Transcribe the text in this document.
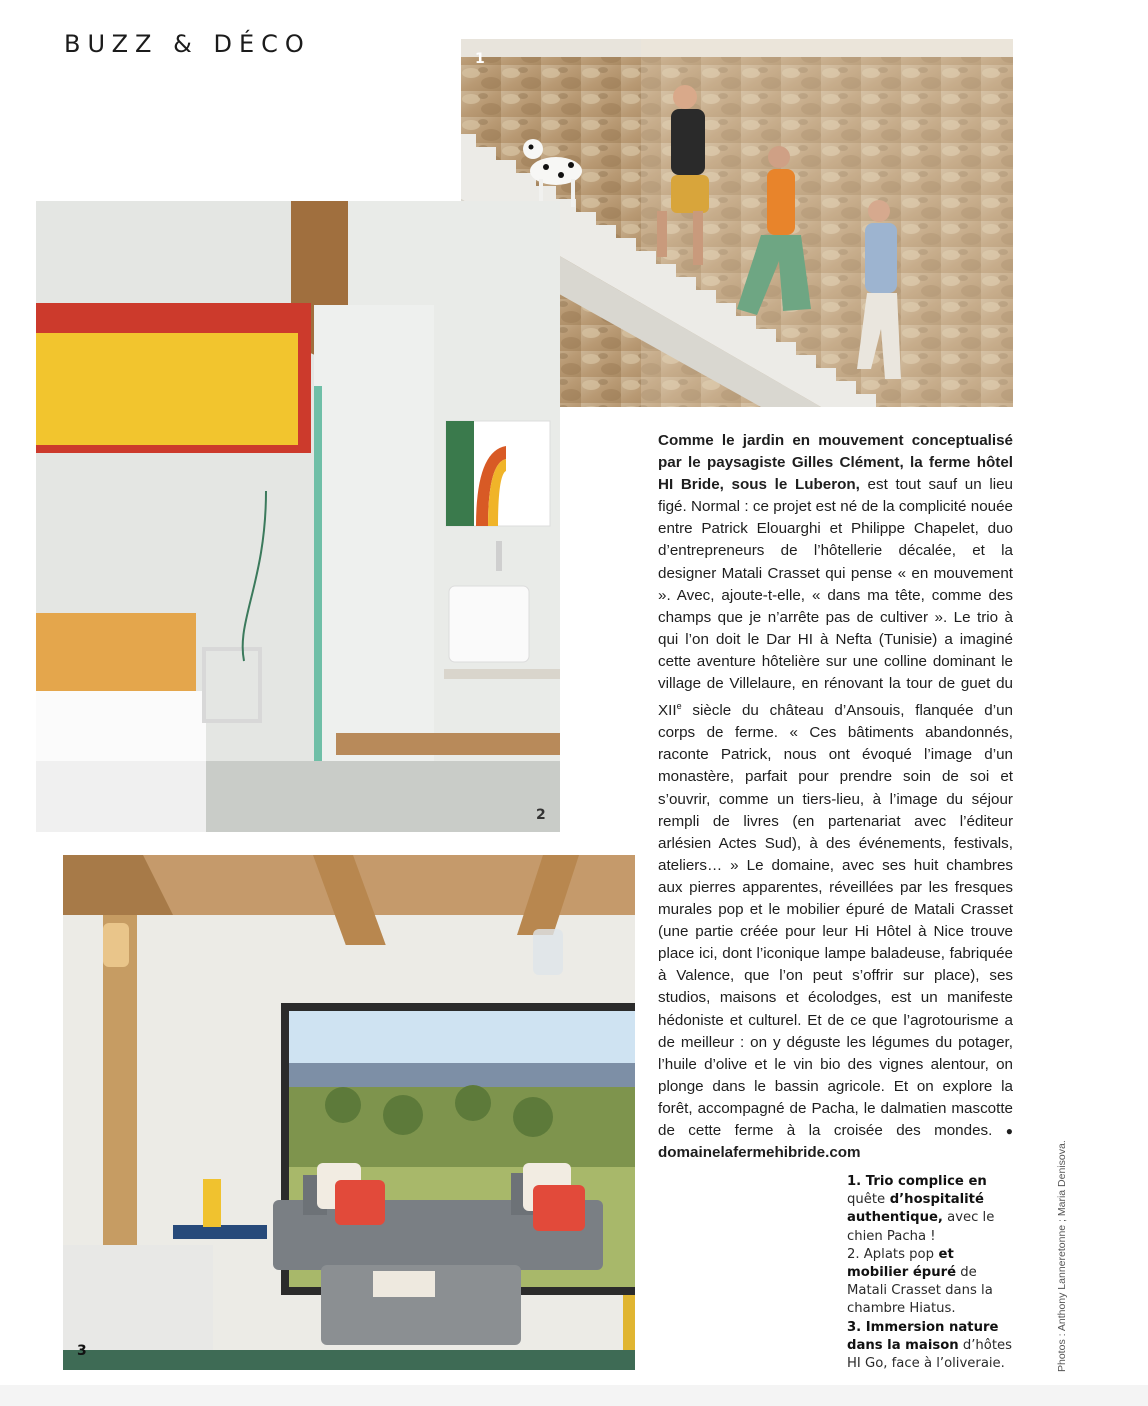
BUZZ & DÉCO
1
2
3
Comme le jardin en mouvement conceptualisé par le paysagiste Gilles Clément, la ferme hôtel HI Bride, sous le Luberon, est tout sauf un lieu figé. Normal : ce projet est né de la complicité nouée entre Patrick Elouarghi et Philippe Chapelet, duo d’entrepreneurs de l’hôtellerie décalée, et la designer Matali Crasset qui pense « en mouvement ». Avec, ajoute-t-elle, « dans ma tête, comme des champs que je n’arrête pas de cultiver ». Le trio à qui l’on doit le Dar HI à Nefta (Tunisie) a imaginé cette aventure hôtelière sur une colline dominant le village de Villelaure, en rénovant la tour de guet du XIIe siècle du château d’Ansouis, flanquée d’un corps de ferme. « Ces bâtiments abandonnés, raconte Patrick, nous ont évoqué l’image d’un monastère, parfait pour prendre soin de soi et s’ouvrir, comme un tiers-lieu, à l’image du séjour rempli de livres (en partenariat avec l’éditeur arlésien Actes Sud), à des événements, festivals, ateliers… » Le domaine, avec ses huit chambres aux pierres apparentes, réveillées par les fresques murales pop et le mobilier épuré de Matali Crasset (une partie créée pour leur Hi Hôtel à Nice trouve place ici, dont l’iconique lampe baladeuse, fabriquée à Valence, que l’on peut s’offrir sur place), ses studios, maisons et écolodges, est un manifeste hédoniste et culturel. Et de ce que l’agrotourisme a de meilleur : on y déguste les légumes du potager, l’huile d’olive et le vin bio des vignes alentour, on plonge dans le bassin agricole. Et on explore la forêt, accompagné de Pacha, le dalmatien mascotte de cette ferme à la croisée des mondes. ● domainelafermehibride.com
1. Trio complice en quête d’hospitalité authentique, avec le chien Pacha !
2. Aplats pop et mobilier épuré de Matali Crasset dans la chambre Hiatus.
3. Immersion nature dans la maison d’hôtes HI Go, face à l’oliveraie.	Photos : Anthony Lanneretonne ; Maria Denisova.
